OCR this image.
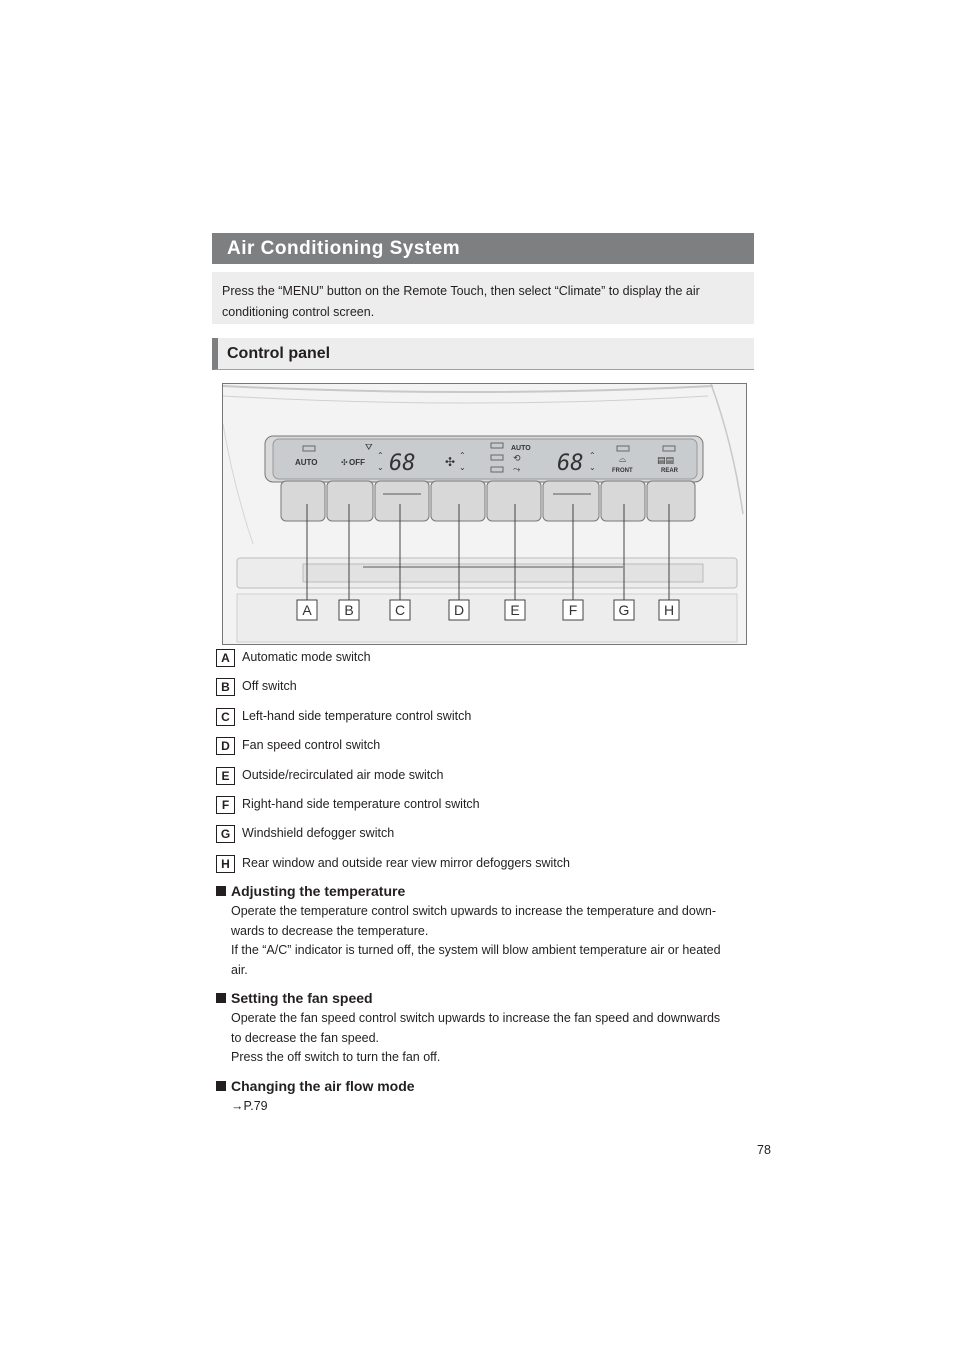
Air Conditioning System
Press the “MENU” button on the Remote Touch, then select “Climate” to display the air conditioning control screen.
Control panel
AUTO
⛛
OFF
✣
⌃
⌄ 68 ✣ ⌃
⌄
AUTO
⟲
⤳ 68 ⌃
⌄
⌓
FRONT
▤▤
REAR
A B	C	D	E	F	G H
A Automatic mode switch
B Off switch
C Left-hand side temperature control switch
D Fan speed control switch
E	Outside/recirculated air mode switch
F	Right-hand side temperature control switch
G Windshield defogger switch
H Rear window and outside rear view mirror defoggers switch
Adjusting the temperature
Operate the temperature control switch upwards to increase the temperature and down-
wards to decrease the temperature.
If the “A/C” indicator is turned off, the system will blow ambient temperature air or heated
air.
Setting the fan speed
Operate the fan speed control switch upwards to increase the fan speed and downwards
to decrease the fan speed.
Press the off switch to turn the fan off.
Changing the air flow mode
→P.79
78
